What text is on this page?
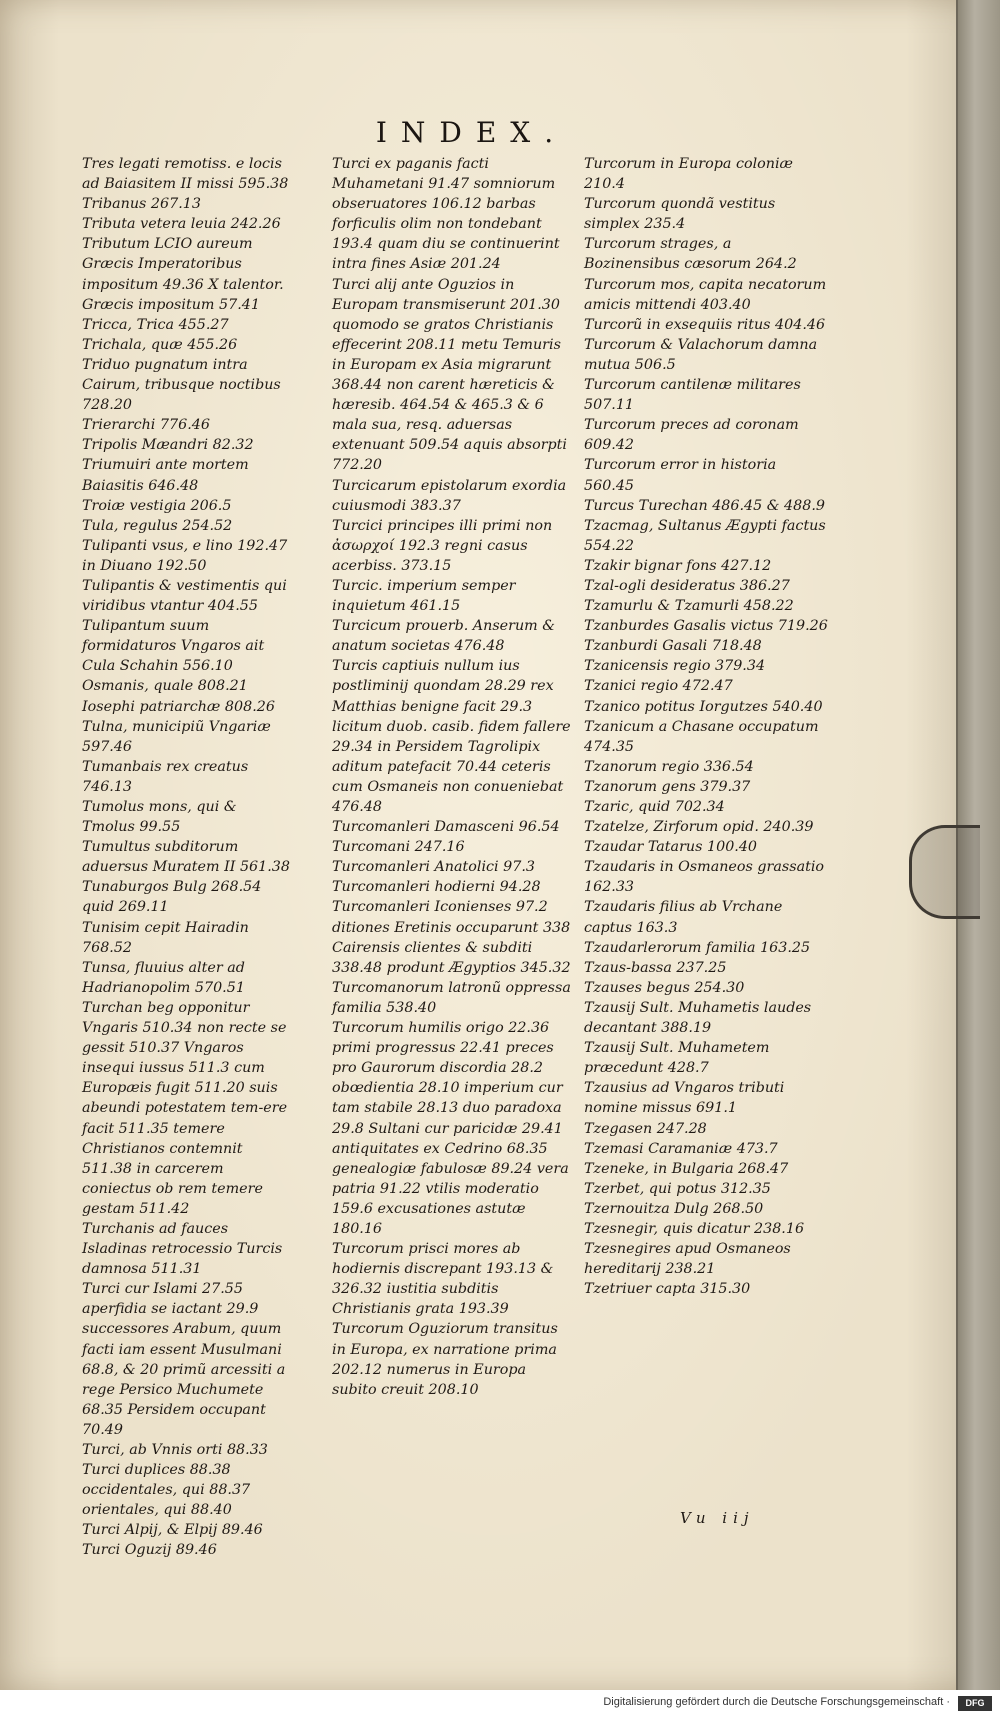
INDEX.

Tres legati remotiss. e locis ad Baiasitem II missi 595.38

Tribanus 267.13

Tributa vetera leuia 242.26

Tributum LCIO aureum Græcis Imperatoribus impositum 49.36 X talentor. Græcis impositum 57.41

Tricca, Trica 455.27

Trichala, quæ 455.26

Triduo pugnatum intra Cairum, tribusque noctibus 728.20

Trierarchi 776.46

Tripolis Mæandri 82.32

Triumuiri ante mortem Baiasitis 646.48

Troiæ vestigia 206.5

Tula, regulus 254.52

Tulipanti vsus, e lino 192.47 in Diuano 192.50

Tulipantis & vestimentis qui viridibus vtantur 404.55

Tulipantum suum formidaturos Vngaros ait Cula Schahin 556.10 Osmanis, quale 808.21 Iosephi patriarchæ 808.26

Tulna, municipiũ Vngariæ 597.46

Tumanbais rex creatus 746.13

Tumolus mons, qui & Tmolus 99.55

Tumultus subditorum aduersus Muratem II 561.38

Tunaburgos Bulg 268.54 quid 269.11

Tunisim cepit Hairadin 768.52

Tunsa, fluuius alter ad Hadrianopolim 570.51

Turchan beg opponitur Vngaris 510.34 non recte se gessit 510.37 Vngaros insequi iussus 511.3 cum Europæis fugit 511.20 suis abeundi potestatem tem-ere facit 511.35 temere Christianos contemnit 511.38 in carcerem coniectus ob rem temere gestam 511.42

Turchanis ad fauces Isladinas retrocessio Turcis damnosa 511.31

Turci cur Islami 27.55 aperfidia se iactant 29.9 successores Arabum, quum facti iam essent Musulmani 68.8, & 20 primũ arcessiti a rege Persico Muchumete 68.35 Persidem occupant 70.49

Turci, ab Vnnis orti 88.33

Turci duplices 88.38 occidentales, qui 88.37 orientales, qui 88.40

Turci Alpij, & Elpij 89.46

Turci Oguzij 89.46

Turci ex paganis facti Muhametani 91.47 somniorum obseruatores 106.12 barbas forficulis olim non tondebant 193.4 quam diu se continuerint intra fines Asiæ 201.24

Turci alij ante Oguzios in Europam transmiserunt 201.30 quomodo se gratos Christianis effecerint 208.11 metu Temuris in Europam ex Asia migrarunt 368.44 non carent hæreticis & hæresib. 464.54 & 465.3 & 6 mala sua, resq. aduersas extenuant 509.54 aquis absorpti 772.20

Turcicarum epistolarum exordia cuiusmodi 383.37

Turcici principes illi primi non ἀσωρχοί 192.3 regni casus acerbiss. 373.15

Turcic. imperium semper inquietum 461.15

Turcicum prouerb. Anserum & anatum societas 476.48

Turcis captiuis nullum ius postliminij quondam 28.29 rex Matthias benigne facit 29.3 licitum duob. casib. fidem fallere 29.34 in Persidem Tagrolipix aditum patefacit 70.44 ceteris cum Osmaneis non conueniebat 476.48

Turcomanleri Damasceni 96.54

Turcomani 247.16

Turcomanleri Anatolici 97.3

Turcomanleri hodierni 94.28

Turcomanleri Iconienses 97.2 ditiones Eretinis occuparunt 338 Cairensis clientes & subditi 338.48 produnt Ægyptios 345.32

Turcomanorum latronũ oppressa familia 538.40

Turcorum humilis origo 22.36 primi progressus 22.41 preces pro Gaurorum discordia 28.2 obœdientia 28.10 imperium cur tam stabile 28.13 duo paradoxa 29.8 Sultani cur paricidæ 29.41 antiquitates ex Cedrino 68.35 genealogiæ fabulosæ 89.24 vera patria 91.22 vtilis moderatio 159.6 excusationes astutæ 180.16

Turcorum prisci mores ab hodiernis discrepant 193.13 & 326.32 iustitia subditis Christianis grata 193.39

Turcorum Oguziorum transitus in Europa, ex narratione prima 202.12 numerus in Europa subito creuit 208.10

Turcorum in Europa coloniæ 210.4

Turcorum quondã vestitus simplex 235.4

Turcorum strages, a Bozinensibus cæsorum 264.2

Turcorum mos, capita necatorum amicis mittendi 403.40

Turcorũ in exsequiis ritus 404.46

Turcorum & Valachorum damna mutua 506.5

Turcorum cantilenæ militares 507.11

Turcorum preces ad coronam 609.42

Turcorum error in historia 560.45

Turcus Turechan 486.45 & 488.9

Tzacmag, Sultanus Ægypti factus 554.22

Tzakir bignar fons 427.12

Tzal-ogli desideratus 386.27

Tzamurlu & Tzamurli 458.22

Tzanburdes Gasalis victus 719.26

Tzanburdi Gasali 718.48

Tzanicensis regio 379.34

Tzanici regio 472.47

Tzanico potitus Iorgutzes 540.40

Tzanicum a Chasane occupatum 474.35

Tzanorum regio 336.54

Tzanorum gens 379.37

Tzaric, quid 702.34

Tzatelze, Zirforum opid. 240.39

Tzaudar Tatarus 100.40

Tzaudaris in Osmaneos grassatio 162.33

Tzaudaris filius ab Vrchane captus 163.3

Tzaudarlerorum familia 163.25

Tzaus-bassa 237.25

Tzauses begus 254.30

Tzausij Sult. Muhametis laudes decantant 388.19

Tzausij Sult. Muhametem præcedunt 428.7

Tzausius ad Vngaros tributi nomine missus 691.1

Tzegasen 247.28

Tzemasi Caramaniæ 473.7

Tzeneke, in Bulgaria 268.47

Tzerbet, qui potus 312.35

Tzernouitza Dulg 268.50

Tzesnegir, quis dicatur 238.16

Tzesnegires apud Osmaneos hereditarij 238.21

Tzetriuer capta 315.30

Vu iij
Digitalisierung gefördert durch die Deutsche Forschungsgemeinschaft ·	DFG
